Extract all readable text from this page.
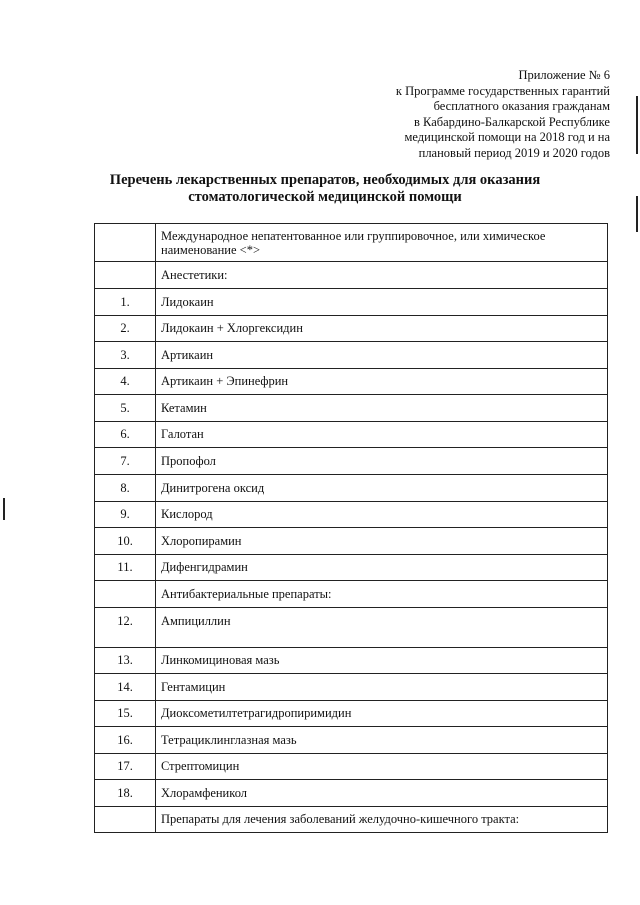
Приложение № 6
к Программе государственных гарантий
бесплатного оказания гражданам
в Кабардино-Балкарской Республике
медицинской помощи на 2018 год и на
плановый период 2019 и 2020 годов
Перечень лекарственных препаратов, необходимых для оказания
стоматологической медицинской помощи
	Международное непатентованное или группировочное, или химическое наименование <*>
	Анестетики:
1.	Лидокаин
2.	Лидокаин + Хлоргексидин
3.	Артикаин
4.	Артикаин + Эпинефрин
5.	Кетамин
6.	Галотан
7.	Пропофол
8.	Динитрогена оксид
9.	Кислород
10.	Хлоропирамин
11.	Дифенгидрамин
	Антибактериальные препараты:
12.	Ампициллин
13.	Линкомициновая мазь
14.	Гентамицин
15.	Диоксометилтетрагидропиримидин
16.	Тетрациклинглазная мазь
17.	Стрептомицин
18.	Хлорамфеникол
	Препараты для лечения заболеваний желудочно-кишечного тракта:
